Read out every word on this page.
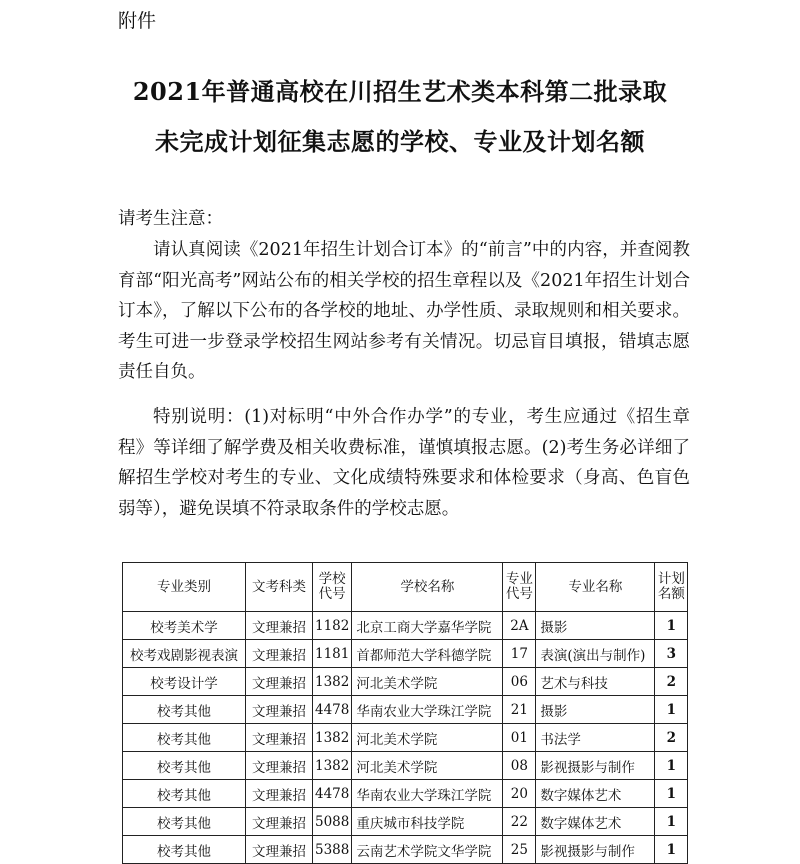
附件
2021年普通高校在川招生艺术类本科第二批录取
未完成计划征集志愿的学校、专业及计划名额
请考生注意：
请认真阅读《2021年招生计划合订本》的“前言”中的内容，并查阅教育部“阳光高考”网站公布的相关学校的招生章程以及《2021年招生计划合订本》，了解以下公布的各学校的地址、办学性质、录取规则和相关要求。考生可进一步登录学校招生网站参考有关情况。切忌盲目填报，错填志愿责任自负。
特别说明：(1)对标明“中外合作办学”的专业，考生应通过《招生章程》等详细了解学费及相关收费标准，谨慎填报志愿。(2)考生务必详细了解招生学校对考生的专业、文化成绩特殊要求和体检要求（身高、色盲色弱等），避免误填不符录取条件的学校志愿。
专业类别	文考科类	学校代号	学校名称	专业代号	专业名称	计划名额
校考美术学	文理兼招	1182	北京工商大学嘉华学院	2A	摄影	1
校考戏剧影视表演	文理兼招	1181	首都师范大学科德学院	17	表演(演出与制作)	3
校考设计学	文理兼招	1382	河北美术学院	06	艺术与科技	2
校考其他	文理兼招	4478	华南农业大学珠江学院	21	摄影	1
校考其他	文理兼招	1382	河北美术学院	01	书法学	2
校考其他	文理兼招	1382	河北美术学院	08	影视摄影与制作	1
校考其他	文理兼招	4478	华南农业大学珠江学院	20	数字媒体艺术	1
校考其他	文理兼招	5088	重庆城市科技学院	22	数字媒体艺术	1
校考其他	文理兼招	5388	云南艺术学院文华学院	25	影视摄影与制作	1
